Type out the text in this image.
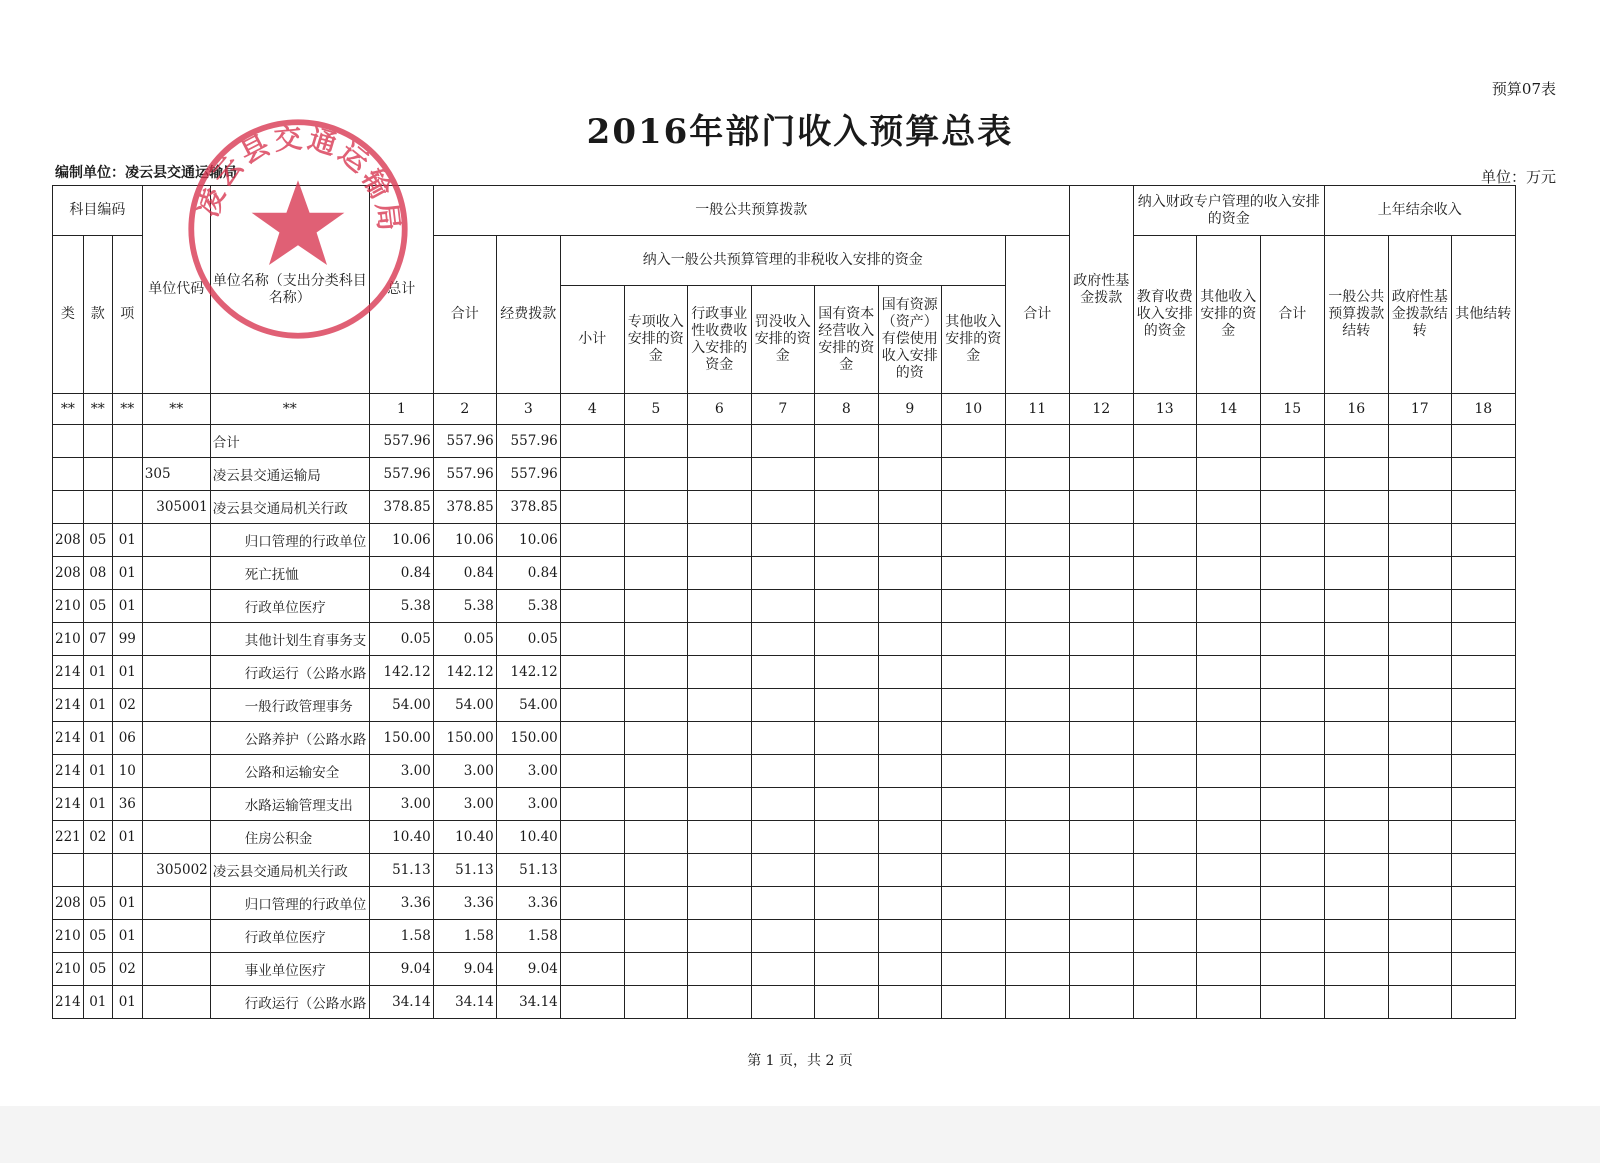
预算07表
2016年部门收入预算总表
编制单位：凌云县交通运输局	单位：万元
科目编码			单位代码	单位名称（支出分类科目名称）	总计	一般公共预算拨款										政府性基金拨款	纳入财政专户管理的收入安排的资金			上年结余收入		
类	款	项				合计	经费拨款	纳入一般公共预算管理的非税收入安排的资金							合计		教育收费收入安排的资金	其他收入安排的资金	合计	一般公共预算拨款结转	政府性基金拨款结转	其他结转
								小计	专项收入安排的资金	行政事业性收费收入安排的资金	罚没收入安排的资金	国有资本经营收入安排的资金	国有资源（资产）有偿使用收入安排的资	其他收入安排的资金								
**	**	**	**	**	1	2	3	4	5	6	7	8	9	10	11	12	13	14	15	16	17	18
				合计	557.96	557.96	557.96															
			305	凌云县交通运输局	557.96	557.96	557.96															
			305001	凌云县交通局机关行政	378.85	378.85	378.85															
208	05	01		归口管理的行政单位	10.06	10.06	10.06															
208	08	01		死亡抚恤	0.84	0.84	0.84															
210	05	01		行政单位医疗	5.38	5.38	5.38															
210	07	99		其他计划生育事务支	0.05	0.05	0.05															
214	01	01		行政运行（公路水路	142.12	142.12	142.12															
214	01	02		一般行政管理事务	54.00	54.00	54.00															
214	01	06		公路养护（公路水路	150.00	150.00	150.00															
214	01	10		公路和运输安全	3.00	3.00	3.00															
214	01	36		水路运输管理支出	3.00	3.00	3.00															
221	02	01		住房公积金	10.40	10.40	10.40															
			305002	凌云县交通局机关行政	51.13	51.13	51.13															
208	05	01		归口管理的行政单位	3.36	3.36	3.36															
210	05	01		行政单位医疗	1.58	1.58	1.58															
210	05	02		事业单位医疗	9.04	9.04	9.04															
214	01	01		行政运行（公路水路	34.14	34.14	34.14															
凌云县交通运输局
第 1 页，共 2 页
